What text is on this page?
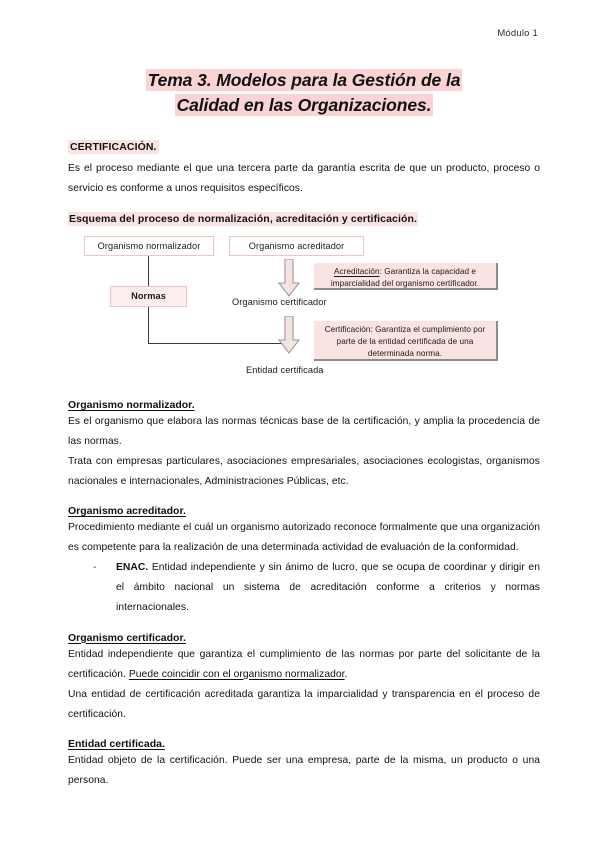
Módulo 1
Tema 3. Modelos para la Gestión de la
Calidad en las Organizaciones.
CERTIFICACIÓN.

Es el proceso mediante el que una tercera parte da garantía escrita de que un producto, proceso o servicio es conforme a unos requisitos específicos.

Esquema del proceso de normalización, acreditación y certificación.
Organismo normalizador	Organismo acreditador
Normas
Acreditación: Garantiza la capacidad e imparcialidad del organismo certificador.
Organismo certificador
Certificación: Garantiza el cumplimiento por parte de la entidad certificada de una determinada norma.
Entidad certificada
Organismo normalizador.

Es el organismo que elabora las normas técnicas base de la certificación, y amplia la procedencia de las normas.

Trata con empresas particulares, asociaciones empresariales, asociaciones ecologistas, organismos nacionales e internacionales, Administraciones Públicas, etc.

Organismo acreditador.

Procedimiento mediante el cuál un organismo autorizado reconoce formalmente que una organización es competente para la realización de una determinada actividad de evaluación de la conformidad.

- ENAC. Entidad independiente y sin ánimo de lucro, que se ocupa de coordinar y dirigir en el ámbito nacional un sistema de acreditación conforme a criterios y normas internacionales.
Organismo certificador.

Entidad independiente que garantiza el cumplimiento de las normas por parte del solicitante de la certificación. Puede coincidir con el organismo normalizador.

Una entidad de certificación acreditada garantiza la imparcialidad y transparencia en el proceso de certificación.

Entidad certificada.

Entidad objeto de la certificación. Puede ser una empresa, parte de la misma, un producto o una persona.
